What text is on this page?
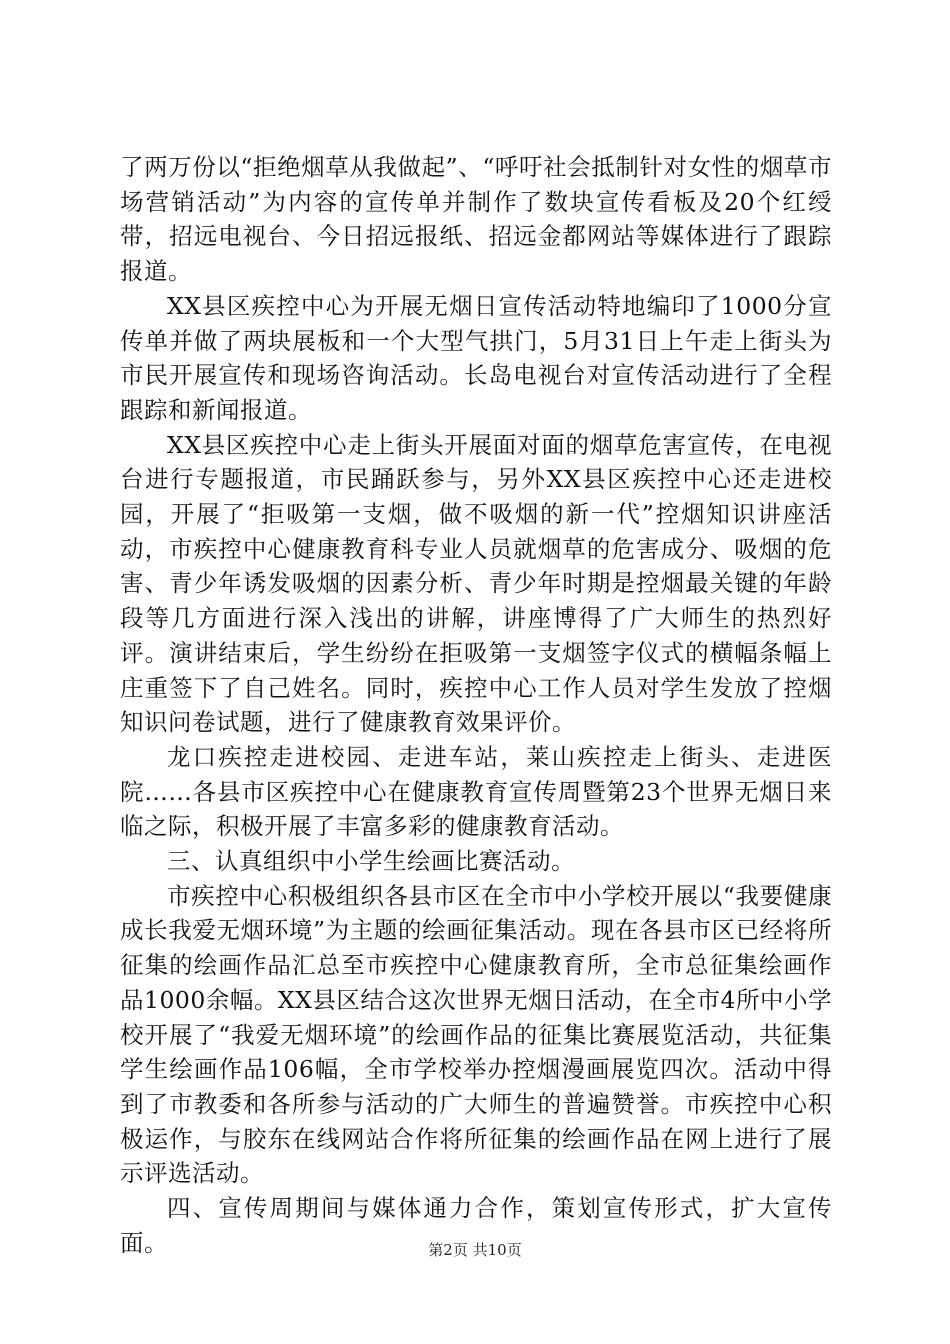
了两万份以“拒绝烟草从我做起”、“呼吁社会抵制针对女性的烟草市场营销活动”为内容的宣传单并制作了数块宣传看板及20个红绶带，招远电视台、今日招远报纸、招远金都网站等媒体进行了跟踪报道。

XX县区疾控中心为开展无烟日宣传活动特地编印了1000分宣传单并做了两块展板和一个大型气拱门，5月31日上午走上街头为市民开展宣传和现场咨询活动。长岛电视台对宣传活动进行了全程跟踪和新闻报道。

XX县区疾控中心走上街头开展面对面的烟草危害宣传，在电视台进行专题报道，市民踊跃参与，另外XX县区疾控中心还走进校园，开展了“拒吸第一支烟，做不吸烟的新一代”控烟知识讲座活动，市疾控中心健康教育科专业人员就烟草的危害成分、吸烟的危害、青少年诱发吸烟的因素分析、青少年时期是控烟最关键的年龄段等几方面进行深入浅出的讲解，讲座博得了广大师生的热烈好评。演讲结束后，学生纷纷在拒吸第一支烟签字仪式的横幅条幅上庄重签下了自己姓名。同时，疾控中心工作人员对学生发放了控烟知识问卷试题，进行了健康教育效果评价。

龙口疾控走进校园、走进车站，莱山疾控走上街头、走进医院……各县市区疾控中心在健康教育宣传周暨第23个世界无烟日来临之际，积极开展了丰富多彩的健康教育活动。

三、认真组织中小学生绘画比赛活动。

市疾控中心积极组织各县市区在全市中小学校开展以“我要健康成长我爱无烟环境”为主题的绘画征集活动。现在各县市区已经将所征集的绘画作品汇总至市疾控中心健康教育所，全市总征集绘画作品1000余幅。XX县区结合这次世界无烟日活动，在全市4所中小学校开展了“我爱无烟环境”的绘画作品的征集比赛展览活动，共征集学生绘画作品106幅，全市学校举办控烟漫画展览四次。活动中得到了市教委和各所参与活动的广大师生的普遍赞誉。市疾控中心积极运作，与胶东在线网站合作将所征集的绘画作品在网上进行了展示评选活动。

四、宣传周期间与媒体通力合作，策划宣传形式，扩大宣传面。	第2页 共10页
